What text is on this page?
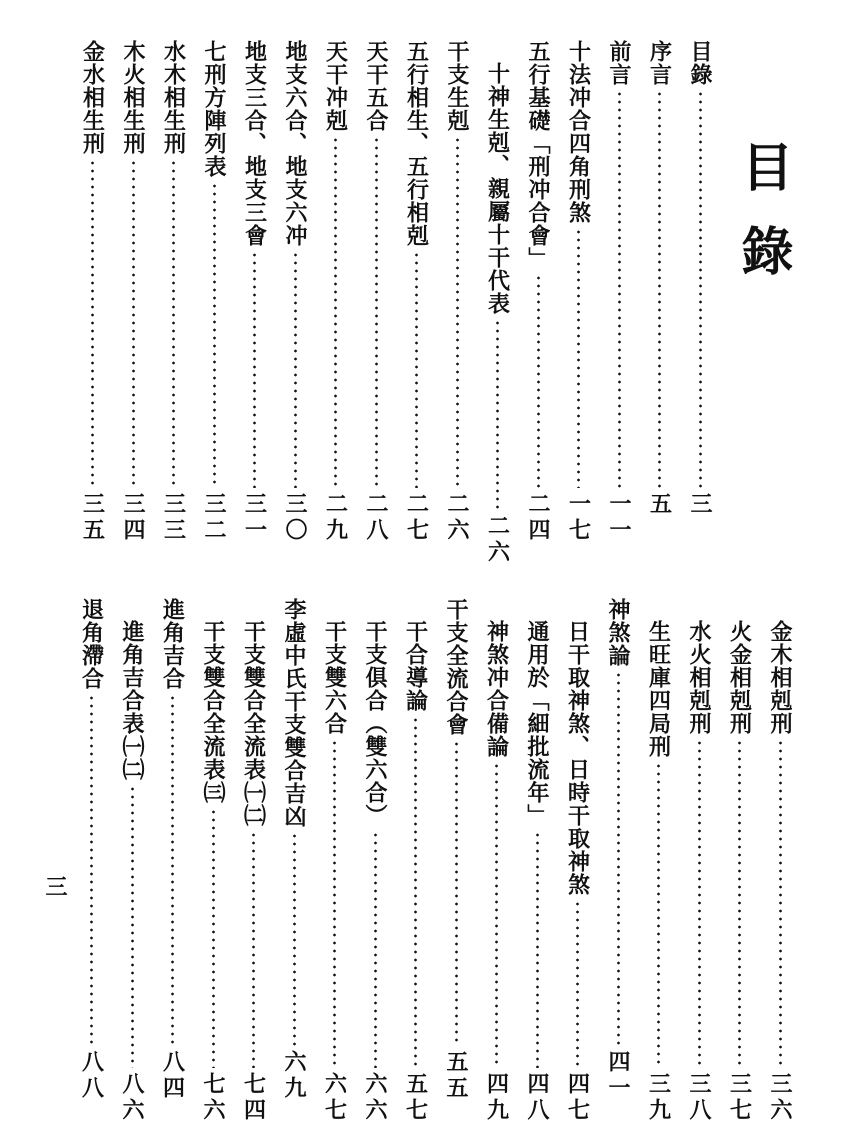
目錄
目錄
三
序言
五
前言
一一
十法冲合四角刑煞
一七
五行基礎「刑冲合會」
二四
十神生剋、親屬十干代表
二六
干支生剋
二六
五行相生、五行相剋
二七
天干五合
二八
天干冲剋
二九
地支六合、地支六冲
三〇
地支三合、地支三會
三一
七刑方陣列表
三二
水木相生刑
三三
木火相生刑
三四
金水相生刑
三五
金木相剋刑
三六
火金相剋刑
三七
水火相剋刑
三八
生旺庫四局刑
三九
神煞論
四一
日干取神煞、日時干取神煞
四七
通用於「細批流年」
四八
神煞冲合備論
四九
干支全流合會
五五
干合導論
五七
干支俱合（雙六合）
六六
干支雙六合
六七
李虛中氏干支雙合吉凶
六九
干支雙合全流表㈠㈡
七四
干支雙合全流表㈢
七六
進角吉合
八四
進角吉合表㈠㈡
八六
退角滯合
八八
三
